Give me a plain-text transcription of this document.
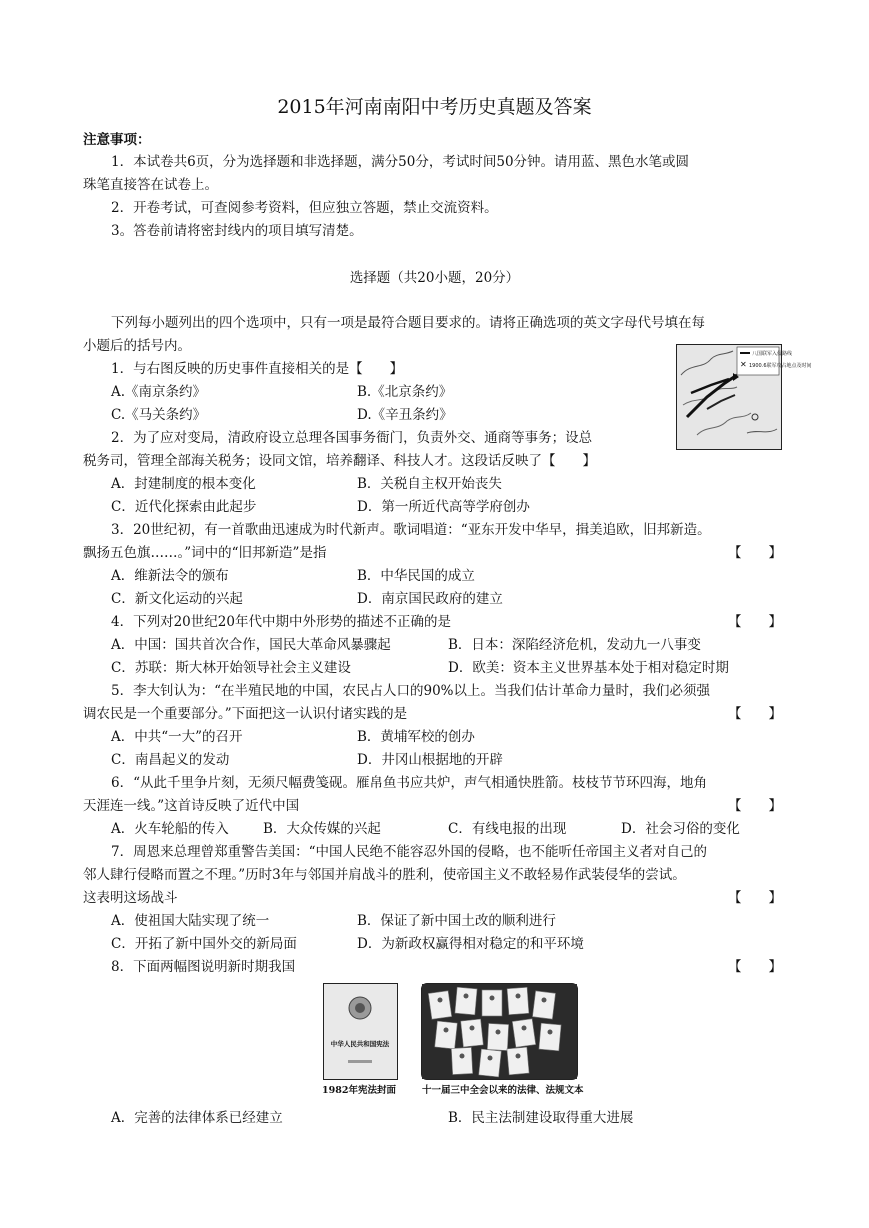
2015年河南南阳中考历史真题及答案
注意事项：
1．本试卷共6页，分为选择题和非选择题，满分50分，考试时间50分钟。请用蓝、黑色水笔或圆
珠笔直接答在试卷上。
2．开卷考试，可查阅参考资料，但应独立答题，禁止交流资料。
3。答卷前请将密封线内的项目填写清楚。
选择题（共20小题，20分）
下列每小题列出的四个选项中，只有一项是最符合题目要求的。请将正确选项的英文字母代号填在每
小题后的括号内。
1．与右图反映的历史事件直接相关的是【　　】
A.《南京条约》	B.《北京条约》
C.《马关条约》	D.《辛丑条约》
八国联军入侵路线
✕ 1900.6联军攻占地点及时间
2．为了应对变局，清政府设立总理各国事务衙门，负责外交、通商等事务；设总
税务司，管理全部海关税务；设同文馆，培养翻译、科技人才。这段话反映了【　　】
A．封建制度的根本变化	B．关税自主权开始丧失
C．近代化探索由此起步	D．第一所近代高等学府创办
3．20世纪初，有一首歌曲迅速成为时代新声。歌词唱道：“亚东开发中华早，揖美追欧，旧邦新造。
飘扬五色旗……。”词中的“旧邦新造”是指	【　　】
A．维新法令的颁布	B．中华民国的成立
C．新文化运动的兴起	D．南京国民政府的建立
4．下列对20世纪20年代中期中外形势的描述不正确的是	【　　】
A．中国：国共首次合作，国民大革命风暴骤起	B．日本：深陷经济危机，发动九一八事变
C．苏联：斯大林开始领导社会主义建设	D．欧美：资本主义世界基本处于相对稳定时期
5．李大钊认为：“在半殖民地的中国，农民占人口的90%以上。当我们估计革命力量时，我们必须强
调农民是一个重要部分。”下面把这一认识付诸实践的是	【　　】
A．中共“一大”的召开	B．黄埔军校的创办
C．南昌起义的发动	D．井冈山根据地的开辟
6．“从此千里争片刻，无须尺幅费笺砚。雁帛鱼书应共炉，声气相通快胜箭。枝枝节节环四海，地角
天涯连一线。”这首诗反映了近代中国	【　　】
A．火车轮船的传入	B．大众传媒的兴起	C．有线电报的出现	D．社会习俗的变化
7．周恩来总理曾郑重警告美国：“中国人民绝不能容忍外国的侵略，也不能听任帝国主义者对自己的
邻人肆行侵略而置之不理。”历时3年与邻国并肩战斗的胜利，使帝国主义不敢轻易作武装侵华的尝试。
这表明这场战斗	【　　】
A．使祖国大陆实现了统一	B．保证了新中国土改的顺利进行
C．开拓了新中国外交的新局面	D．为新政权赢得相对稳定的和平环境
8．下面两幅图说明新时期我国	【　　】
中华人民共和国宪法
1982年宪法封面	十一届三中全会以来的法律、法规文本
A．完善的法律体系已经建立	B．民主法制建设取得重大进展
